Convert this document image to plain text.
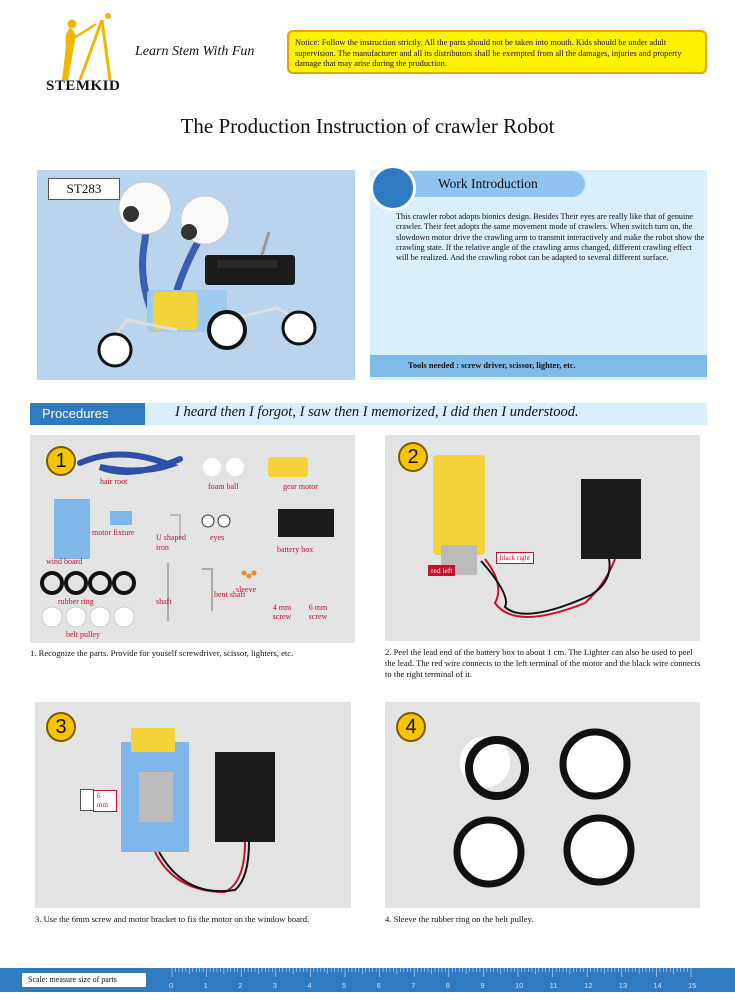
STEMKID
Learn Stem With Fun
Notice: Follow the instruction strictly. All the parts should not be taken into mouth. Kids should be under adult supervision. The manufacturer and all its distributors shall be exempted from all the damages, injuries and property damage that may arise during the production.
The Production Instruction of crawler Robot
ST283	Work Introduction
This crawler robot adopts bionics design. Besides Their eyes are really like that of genuine crawler. Their feet adopts the same movement mode of crawlers. When switch turn on, the slowdown motor drive the crawling arm to transmit interactively and make the robot show the crawling state. If the relative angle of the crawling arms changed, different crawling effect will be realized. And the crawling robot can be adapted to several different surface.
Tools needed : screw driver, scissor, lighter, etc.
Procedures	I heard then I forgot, I saw then I memorized, I did then I understood.
1
hair root
foam ball	gear motor
motor fixture
U shaped iron
eyes
battery box
wind board
rubber ring	shaft
bent shaft
sleeve
4 mm screw
6 mm screw
belt pulley
1. Recognize the parts. Provide for youself screwdriver, scissor, lighters, etc.
2
red left
black right
2. Peel the lead end of the battery box to about 1 cm. The Lighter can also be used to peel the lead. The red wire connects to the left terminal of the motor and the black wire connects to the right terminal of it.
3
6 mm
3. Use the 6mm screw and motor bracket to fix the motor on the window board.
4
4. Sleeve the rubber ring on the belt pulley.
Scale: measure size of parts
0	1	2	3	4	5	6	7	8	9	10	11	12	13	14	15
